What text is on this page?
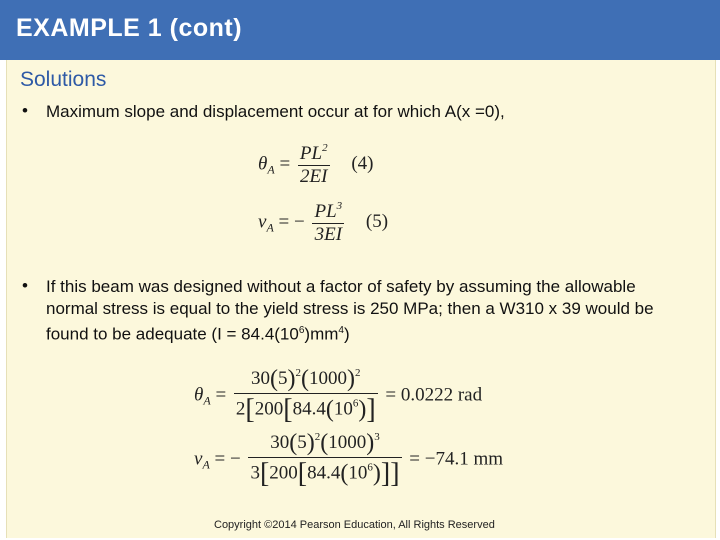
EXAMPLE 1 (cont)
Solutions
• Maximum slope and displacement occur at for which A(x =0),
$\theta_A = \frac{PL^2}{2EI} (4)$
$v_A$ = − $\frac{PL^3}{3EI} (5)$
• If this beam was designed without a factor of safety by assuming the allowable normal stress is equal to the yield stress is 250 MPa; then a W310 x 39 would be found to be adequate $(I = 84.4(10^6)mm^4)$
$\theta_A = \frac{30(5)^2(1000)^2}{2[200[84.4(10^6)]} = 0.0222$ rad
$v_A$ = − $\frac{30(5)^2(1000)^3}{3[200[84.4(10^6)]]} = -74.1$ mm
Copyright ©2014 Pearson Education, All Rights Reserved
